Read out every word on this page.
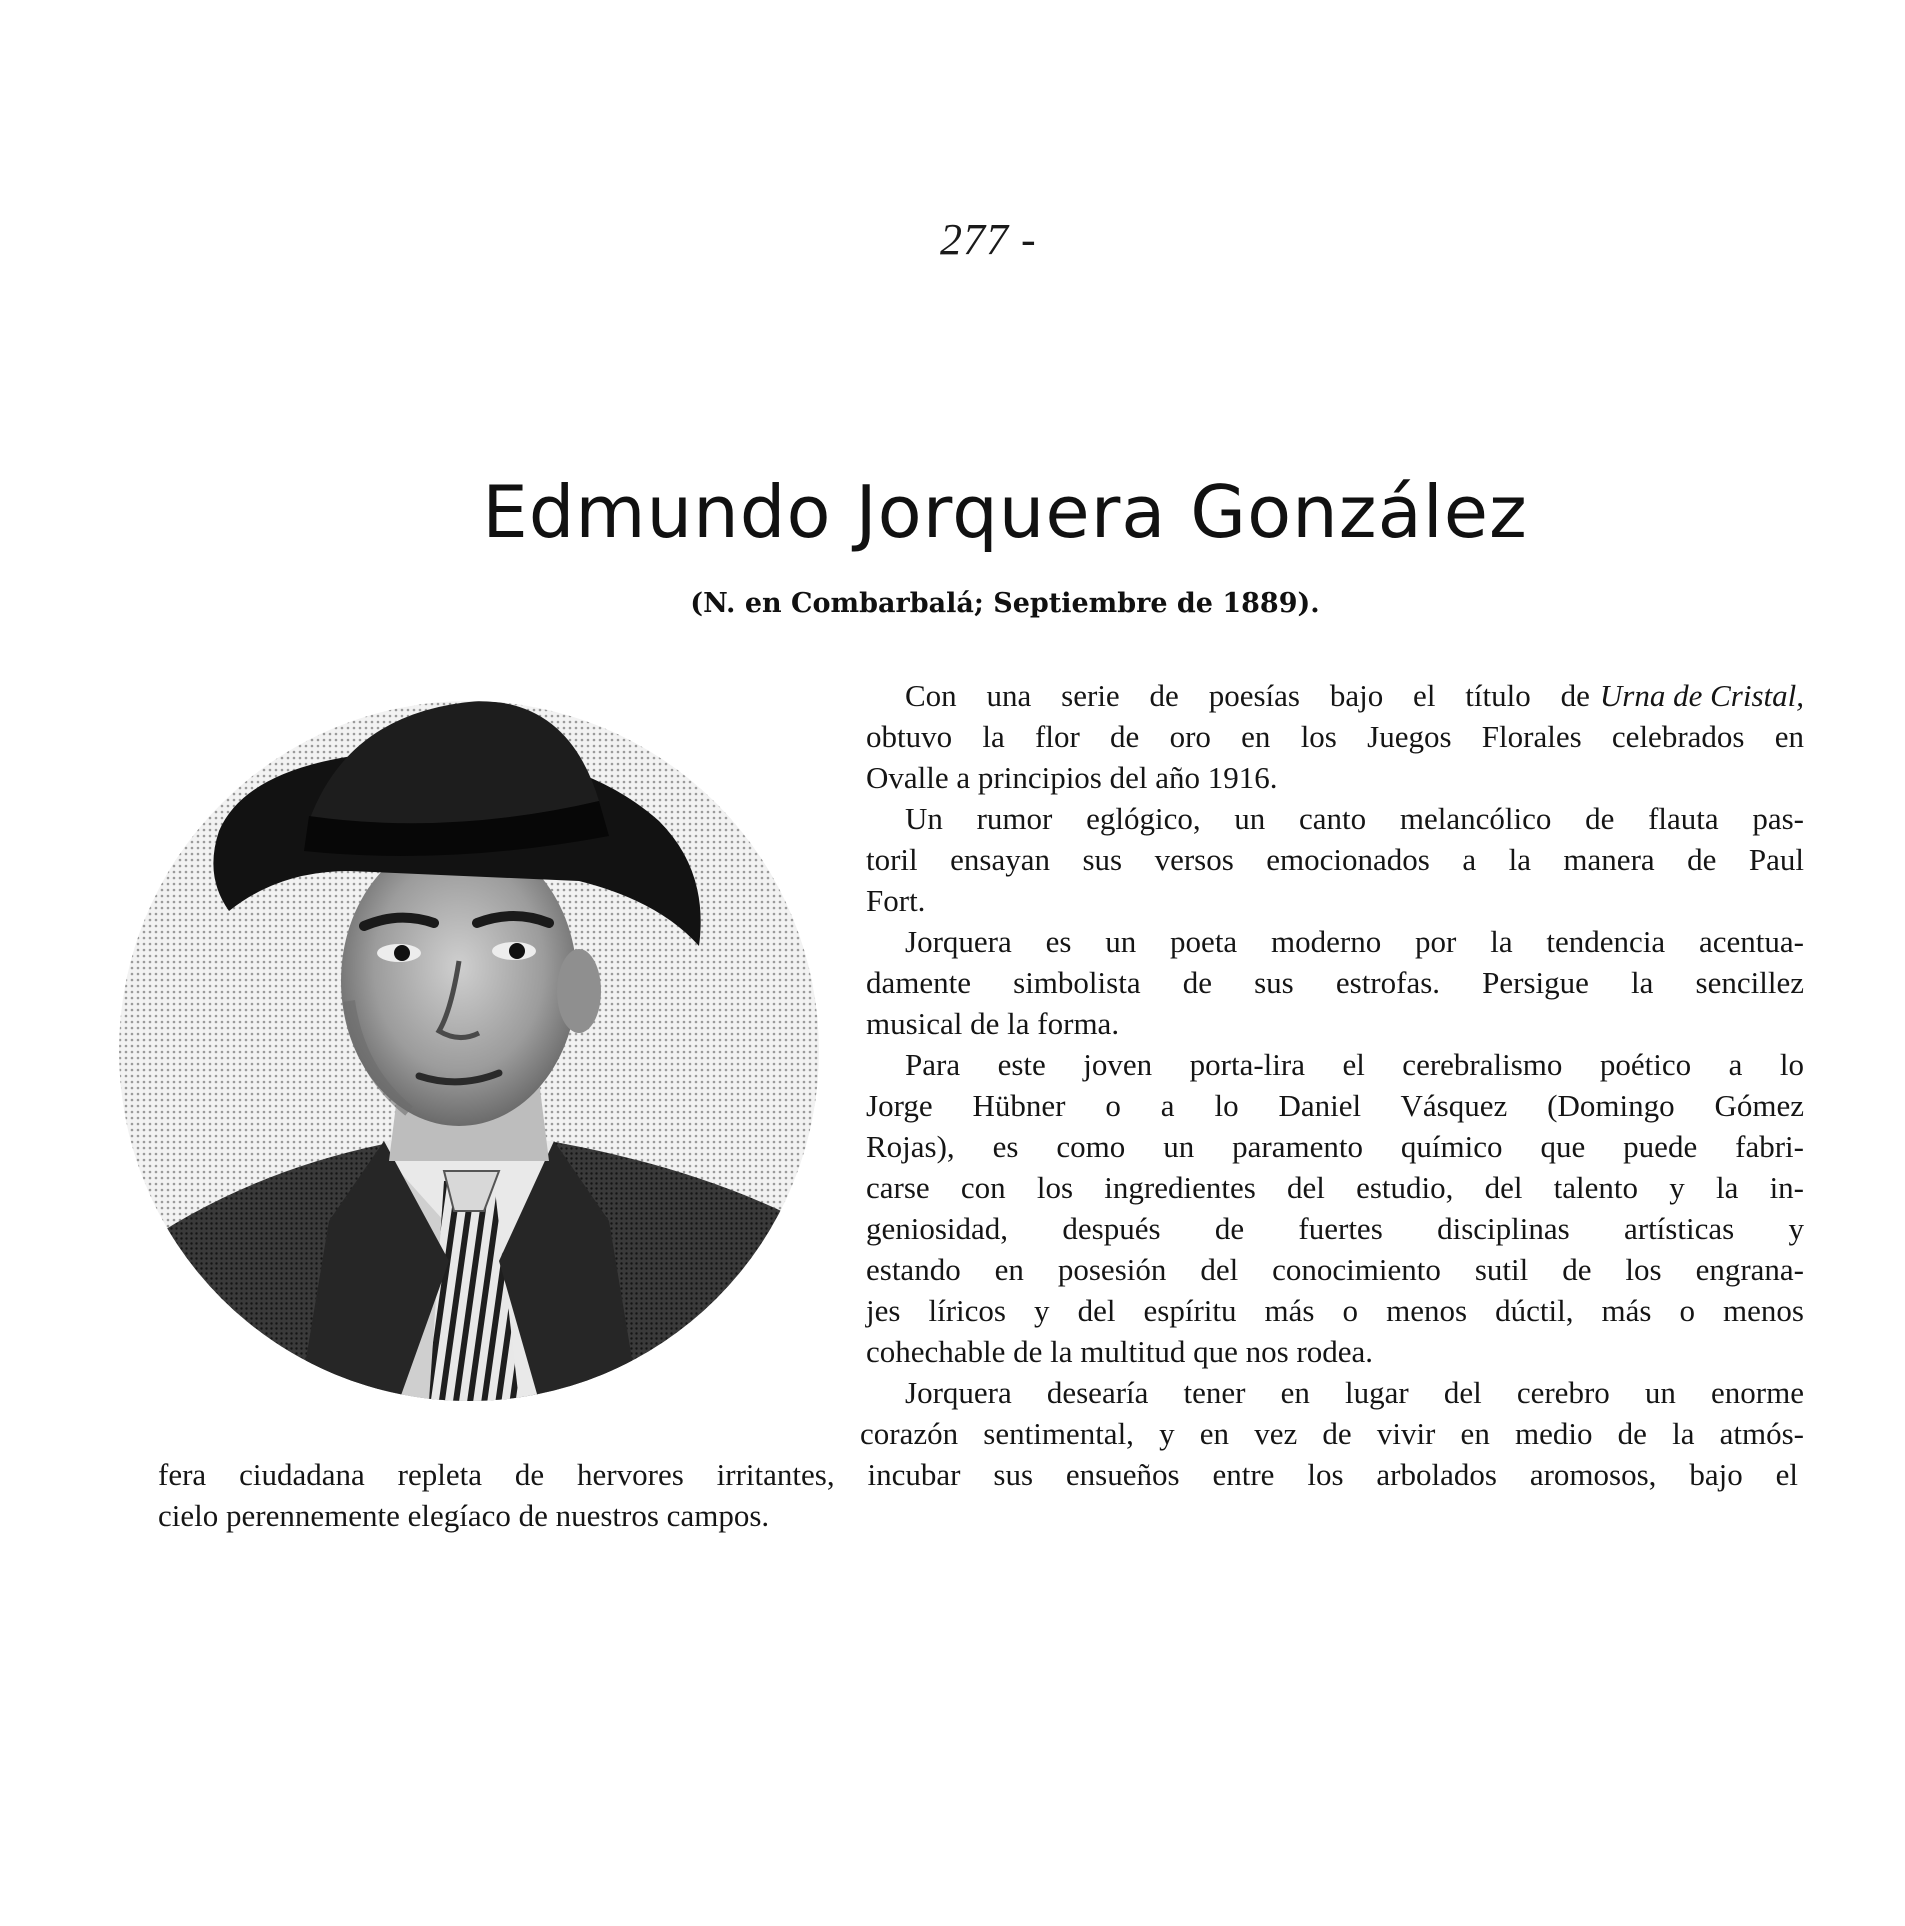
277 -
Edmundo Jorquera González
(N. en Combarbalá; Septiembre de 1889).
Con una serie de poesías bajo el título de Urna de Cristal,
obtuvo la flor de oro en los Juegos Florales celebrados en
Ovalle a principios del año 1916.
Un rumor eglógico, un canto melancólico de flauta pas-
toril ensayan sus versos emocionados a la manera de Paul
Fort.
Jorquera es un poeta moderno por la tendencia acentua-
damente simbolista de sus estrofas. Persigue la sencillez
musical de la forma.
Para este joven porta-lira el cerebralismo poético a lo
Jorge Hübner o a lo Daniel Vásquez (Domingo Gómez
Rojas), es como un paramento químico que puede fabri-
carse con los ingredientes del estudio, del talento y la in-
geniosidad, después de fuertes disciplinas artísticas y
estando en posesión del conocimiento sutil de los engrana-
jes líricos y del espíritu más o menos dúctil, más o menos
cohechable de la multitud que nos rodea.
Jorquera desearía tener en lugar del cerebro un enorme
corazón sentimental, y en vez de vivir en medio de la atmós-
fera ciudadana repleta de hervores irritantes, incubar sus ensueños entre los arbolados aromosos, bajo el
cielo perennemente elegíaco de nuestros campos.
